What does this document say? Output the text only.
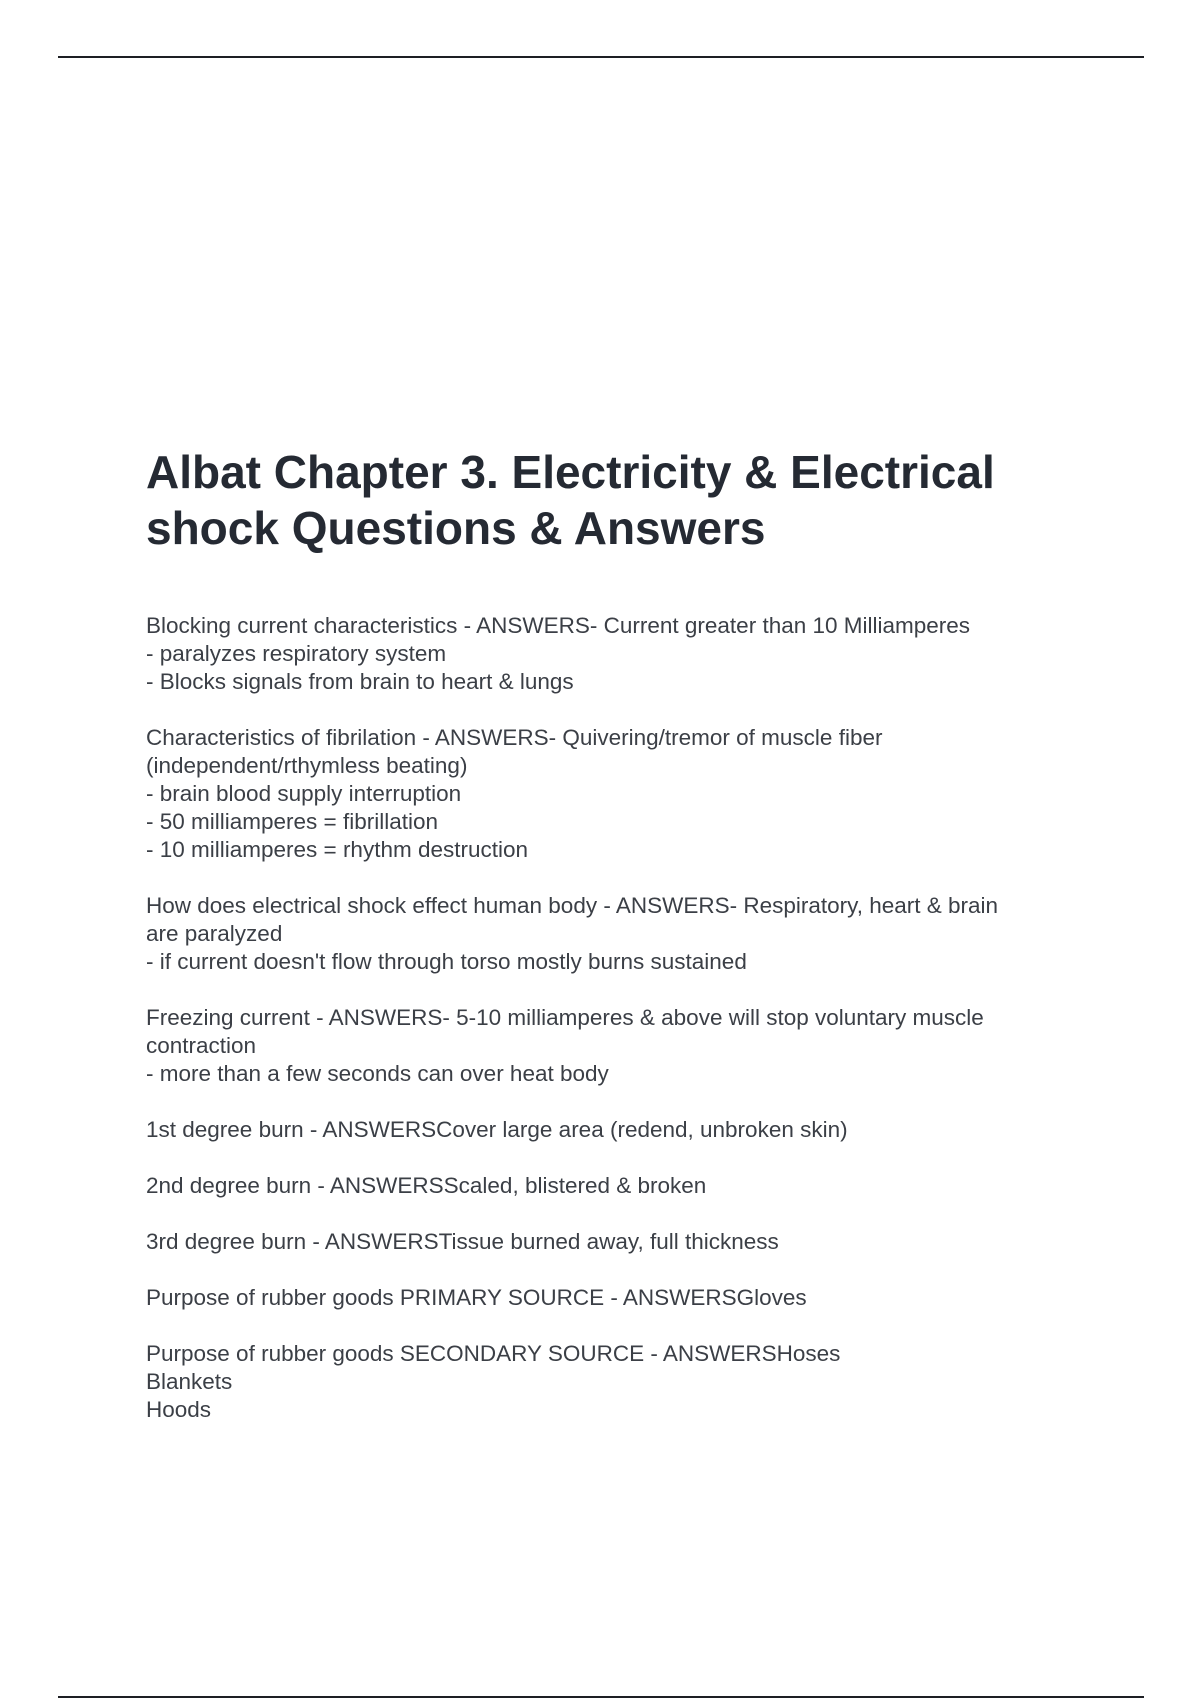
Albat Chapter 3. Electricity & Electrical
shock Questions & Answers
Blocking current characteristics - ANSWERS- Current greater than 10 Milliamperes
- paralyzes respiratory system
- Blocks signals from brain to heart & lungs
Characteristics of fibrilation - ANSWERS- Quivering/tremor of muscle fiber
(independent/rthymless beating)
- brain blood supply interruption
- 50 milliamperes = fibrillation
- 10 milliamperes = rhythm destruction
How does electrical shock effect human body - ANSWERS- Respiratory, heart & brain
are paralyzed
- if current doesn't flow through torso mostly burns sustained
Freezing current - ANSWERS- 5-10 milliamperes & above will stop voluntary muscle
contraction
- more than a few seconds can over heat body
1st degree burn - ANSWERSCover large area (redend, unbroken skin)
2nd degree burn - ANSWERSScaled, blistered & broken
3rd degree burn - ANSWERSTissue burned away, full thickness
Purpose of rubber goods PRIMARY SOURCE - ANSWERSGloves
Purpose of rubber goods SECONDARY SOURCE - ANSWERSHoses
Blankets
Hoods
